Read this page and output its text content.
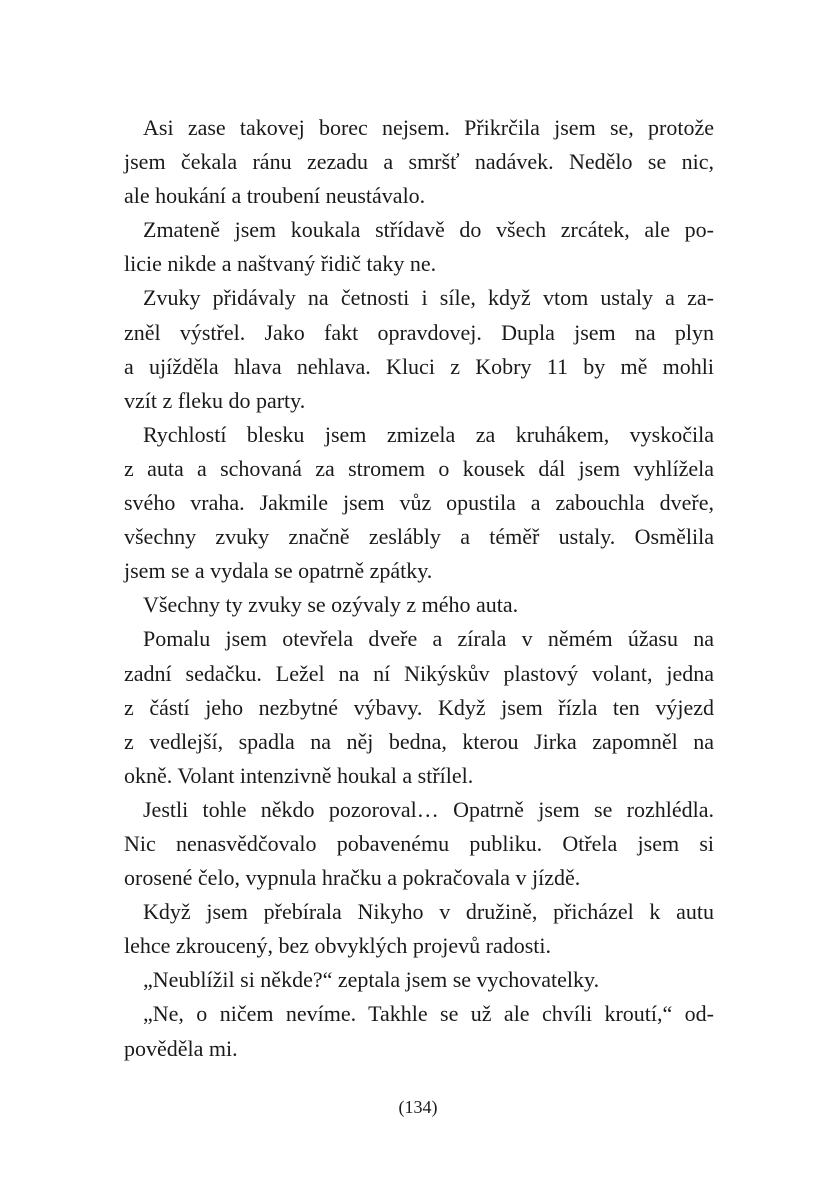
Asi zase takovej borec nejsem. Přikrčila jsem se, protože
jsem čekala ránu zezadu a smršť nadávek. Nedělo se nic,
ale houkání a troubení neustávalo.
Zmateně jsem koukala střídavě do všech zrcátek, ale po-
licie nikde a naštvaný řidič taky ne.
Zvuky přidávaly na četnosti i síle, když vtom ustaly a za-
zněl výstřel. Jako fakt opravdovej. Dupla jsem na plyn
a ujížděla hlava nehlava. Kluci z Kobry 11 by mě mohli
vzít z fleku do party.
Rychlostí blesku jsem zmizela za kruhákem, vyskočila
z auta a schovaná za stromem o kousek dál jsem vyhlížela
svého vraha. Jakmile jsem vůz opustila a zabouchla dveře,
všechny zvuky značně zeslábly a téměř ustaly. Osmělila
jsem se a vydala se opatrně zpátky.
Všechny ty zvuky se ozývaly z mého auta.
Pomalu jsem otevřela dveře a zírala v němém úžasu na
zadní sedačku. Ležel na ní Nikýskův plastový volant, jedna
z částí jeho nezbytné výbavy. Když jsem řízla ten výjezd
z vedlejší, spadla na něj bedna, kterou Jirka zapomněl na
okně. Volant intenzivně houkal a střílel.
Jestli tohle někdo pozoroval… Opatrně jsem se rozhlédla.
Nic nenasvědčovalo pobavenému publiku. Otřela jsem si
orosené čelo, vypnula hračku a pokračovala v jízdě.
Když jsem přebírala Nikyho v družině, přicházel k autu
lehce zkroucený, bez obvyklých projevů radosti.
„Neublížil si někde?“ zeptala jsem se vychovatelky.
„Ne, o ničem nevíme. Takhle se už ale chvíli kroutí,“ od-
pověděla mi.
(134)
